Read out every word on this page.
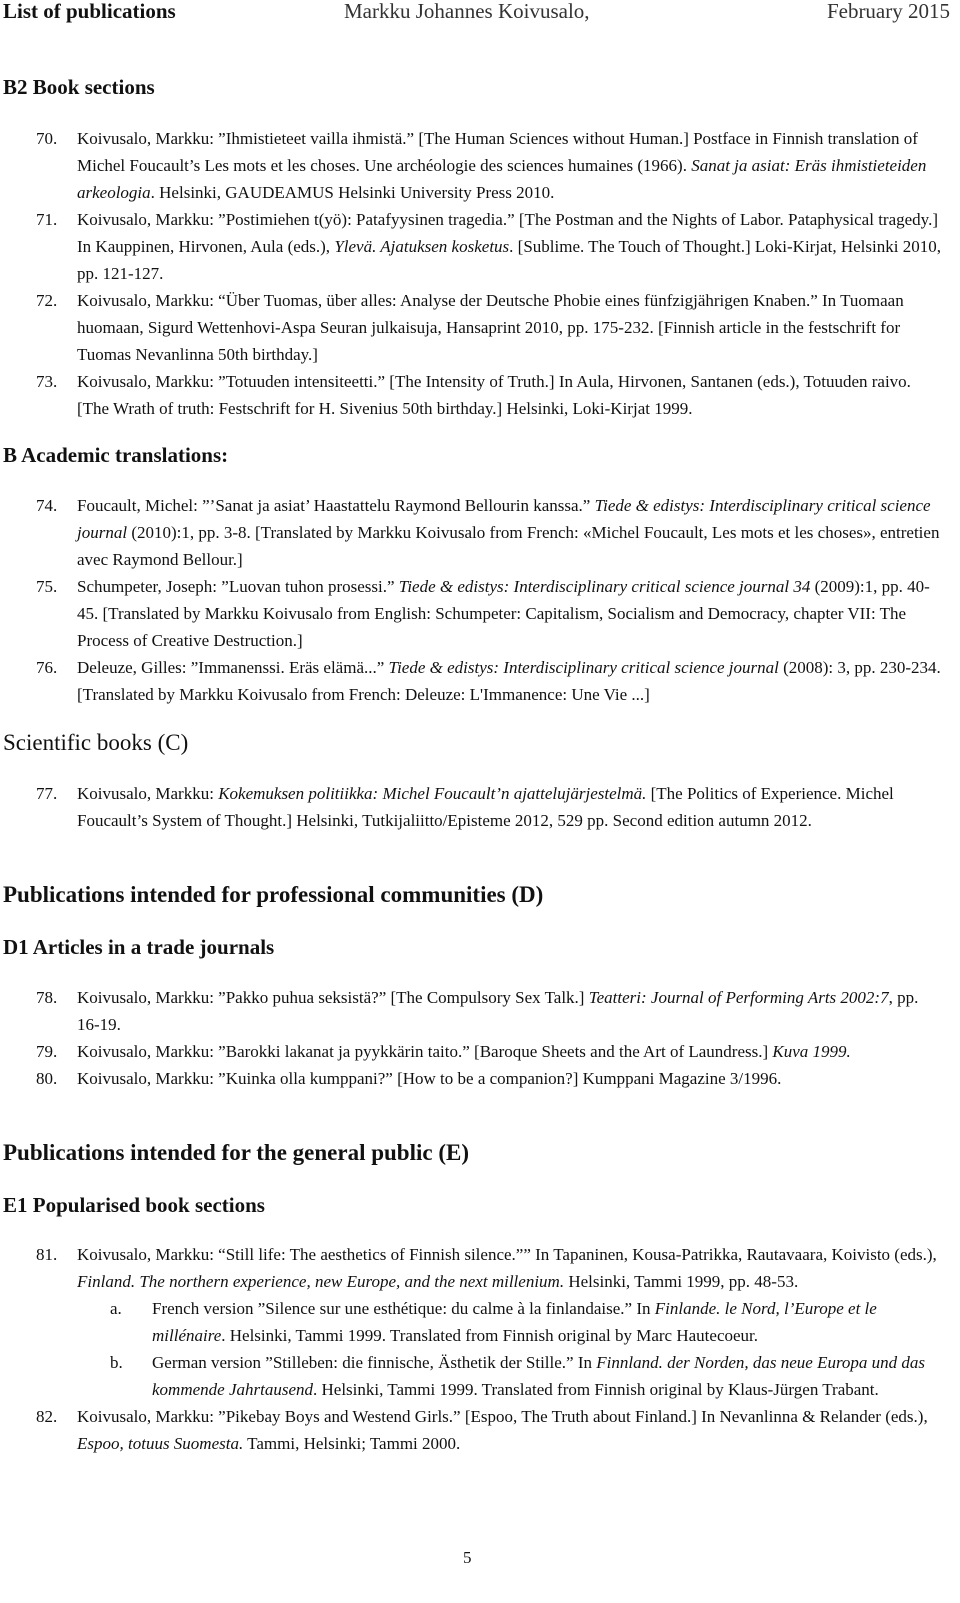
List of publications	Markku Johannes Koivusalo,	February 2015
B2 Book sections
70. Koivusalo, Markku: ”Ihmistieteet vailla ihmistä.” [The Human Sciences without Human.] Postface in Finnish translation of Michel Foucault’s Les mots et les choses. Une archéologie des sciences humaines (1966). Sanat ja asiat: Eräs ihmistieteiden arkeologia. Helsinki, GAUDEAMUS Helsinki University Press 2010.
71. Koivusalo, Markku: ”Postimiehen t(yö): Patafyysinen tragedia.” [The Postman and the Nights of Labor. Pataphysical tragedy.] In Kauppinen, Hirvonen, Aula (eds.), Ylevä. Ajatuksen kosketus. [Sublime. The Touch of Thought.] Loki-Kirjat, Helsinki 2010, pp. 121-127.
72. Koivusalo, Markku: “Über Tuomas, über alles: Analyse der Deutsche Phobie eines fünfzigjährigen Knaben.” In Tuomaan huomaan, Sigurd Wettenhovi-Aspa Seuran julkaisuja, Hansaprint 2010, pp. 175-232. [Finnish article in the festschrift for Tuomas Nevanlinna 50th birthday.]
73. Koivusalo, Markku: ”Totuuden intensiteetti.” [The Intensity of Truth.] In Aula, Hirvonen, Santanen (eds.), Totuuden raivo. [The Wrath of truth: Festschrift for H. Sivenius 50th birthday.] Helsinki, Loki-Kirjat 1999.
B Academic translations:
74. Foucault, Michel: ”’Sanat ja asiat’ Haastattelu Raymond Bellourin kanssa.” Tiede & edistys: Interdisciplinary critical science journal (2010):1, pp. 3-8. [Translated by Markku Koivusalo from French: «Michel Foucault, Les mots et les choses», entretien avec Raymond Bellour.]
75. Schumpeter, Joseph: ”Luovan tuhon prosessi.” Tiede & edistys: Interdisciplinary critical science journal 34 (2009):1, pp. 40-45. [Translated by Markku Koivusalo from English: Schumpeter: Capitalism, Socialism and Democracy, chapter VII: The Process of Creative Destruction.]
76. Deleuze, Gilles: ”Immanenssi. Eräs elämä...” Tiede & edistys: Interdisciplinary critical science journal (2008): 3, pp. 230-234. [Translated by Markku Koivusalo from French: Deleuze: L'Immanence: Une Vie ...]
Scientific books (C)
77. Koivusalo, Markku: Kokemuksen politiikka: Michel Foucault’n ajattelujärjestelmä. [The Politics of Experience. Michel Foucault’s System of Thought.] Helsinki, Tutkijaliitto/Episteme 2012, 529 pp. Second edition autumn 2012.
Publications intended for professional communities (D)
D1 Articles in a trade journals
78. Koivusalo, Markku: ”Pakko puhua seksistä?” [The Compulsory Sex Talk.] Teatteri: Journal of Performing Arts 2002:7, pp. 16-19.
79. Koivusalo, Markku: ”Barokki lakanat ja pyykkärin taito.” [Baroque Sheets and the Art of Laundress.] Kuva 1999.
80. Koivusalo, Markku: ”Kuinka olla kumppani?” [How to be a companion?] Kumppani Magazine 3/1996.
Publications intended for the general public (E)
E1 Popularised book sections
81. Koivusalo, Markku: “Still life: The aesthetics of Finnish silence.”” In Tapaninen, Kousa-Patrikka, Rautavaara, Koivisto (eds.), Finland. The northern experience, new Europe, and the next millenium. Helsinki, Tammi 1999, pp. 48-53.
a. French version ”Silence sur une esthétique: du calme à la finlandaise.” In Finlande. le Nord, l’Europe et le millénaire. Helsinki, Tammi 1999. Translated from Finnish original by Marc Hautecoeur.
b. German version ”Stilleben: die finnische, Ästhetik der Stille.” In Finnland. der Norden, das neue Europa und das kommende Jahrtausend. Helsinki, Tammi 1999. Translated from Finnish original by Klaus-Jürgen Trabant.
82. Koivusalo, Markku: ”Pikebay Boys and Westend Girls.” [Espoo, The Truth about Finland.] In Nevanlinna & Relander (eds.), Espoo, totuus Suomesta. Tammi, Helsinki; Tammi 2000.
5
